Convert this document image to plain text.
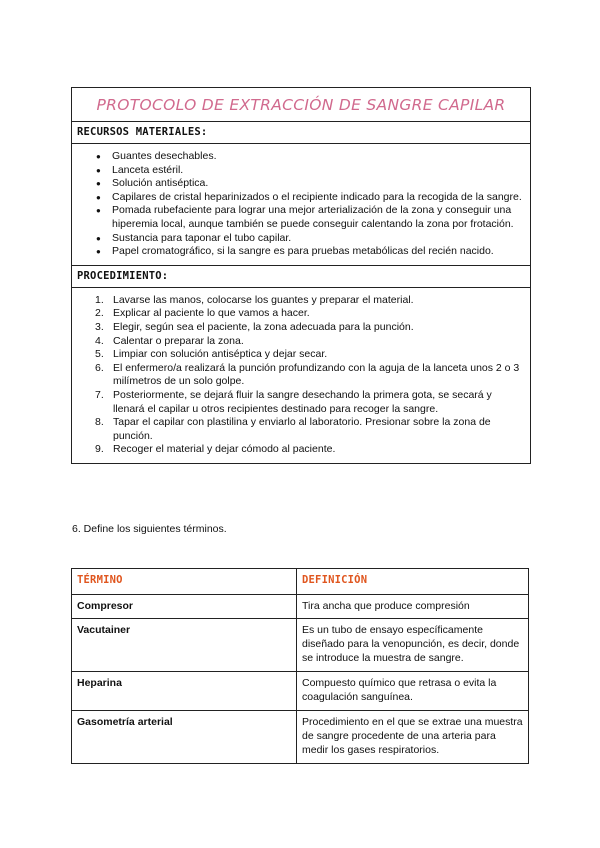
PROTOCOLO DE EXTRACCIÓN DE SANGRE CAPILAR
RECURSOS MATERIALES:
● Guantes desechables.
● Lanceta estéril.
● Solución antiséptica.
● Capilares de cristal heparinizados o el recipiente indicado para la recogida de la sangre.
● Pomada rubefaciente para lograr una mejor arterialización de la zona y conseguir una hiperemia local, aunque también se puede conseguir calentando la zona por frotación.
● Sustancia para taponar el tubo capilar.
● Papel cromatográfico, si la sangre es para pruebas metabólicas del recién nacido.
PROCEDIMIENTO:
1. Lavarse las manos, colocarse los guantes y preparar el material.
2. Explicar al paciente lo que vamos a hacer.
3. Elegir, según sea el paciente, la zona adecuada para la punción.
4. Calentar o preparar la zona.
5. Limpiar con solución antiséptica y dejar secar.
6. El enfermero/a realizará la punción profundizando con la aguja de la lanceta unos 2 o 3 milímetros de un solo golpe.
7. Posteriormente, se dejará fluir la sangre desechando la primera gota, se secará y llenará el capilar u otros recipientes destinado para recoger la sangre.
8. Tapar el capilar con plastilina y enviarlo al laboratorio. Presionar sobre la zona de punción.
9. Recoger el material y dejar cómodo al paciente.
6. Define los siguientes términos.
TÉRMINO	DEFINICIÓN
Compresor	Tira ancha que produce compresión
Vacutainer	Es un tubo de ensayo específicamente diseñado para la venopunción, es decir, donde se introduce la muestra de sangre.
Heparina	Compuesto químico que retrasa o evita la coagulación sanguínea.
Gasometría arterial	Procedimiento en el que se extrae una muestra de sangre procedente de una arteria para medir los gases respiratorios.
